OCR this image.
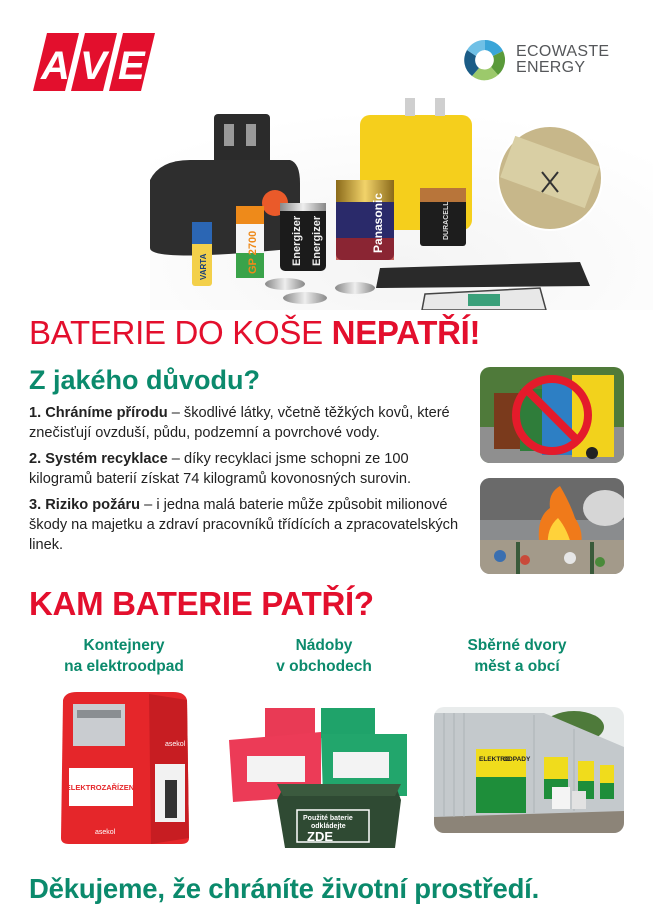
A V E	ECOWASTE
ENERGY
VARTA	GP 2700	Energizer Energizer	Panasonic	DURACELL
BATERIE DO KOŠE NEPATŘÍ!
Z jakého důvodu?

1. Chráníme přírodu – škodlivé látky, včetně těžkých kovů, které znečisťují ovzduší, půdu, podzemní a povrchové vody.

2. Systém recyklace – díky recyklaci jsme schopni ze 100 kilogramů baterií získat 74 kilogramů kovonosných surovin.

3. Riziko požáru – i jedna malá baterie může způsobit milionové škody na majetku a zdraví pracovníků třídících a zpracovatelských linek.

KAM BATERIE PATŘÍ?
Kontejnery
na elektroodpad
Nádoby
v obchodech
Sběrné dvory
měst a obcí
ELEKTROZAŘÍZENÍ
asekol
asekol
Použité baterie
odkládejte
ZDE
ELEKTRO
ODPADY
Děkujeme, že chráníte životní prostředí.
